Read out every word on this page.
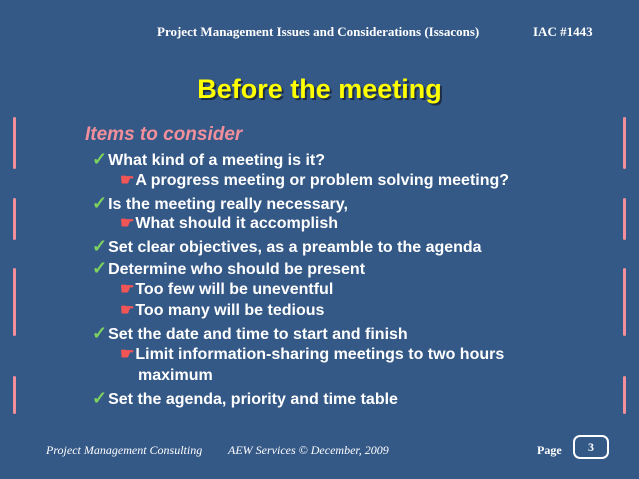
Project Management Issues and Considerations (Issacons)	IAC #1443
Before the meeting
Items to consider
✓What kind of a meeting is it?
☛A progress meeting or problem solving meeting?
✓Is the meeting really necessary,
☛What should it accomplish
✓Set clear objectives, as a preamble to the agenda
✓Determine who should be present
☛Too few will be uneventful
☛Too many will be tedious
✓Set the date and time to start and finish
☛Limit information-sharing meetings to two hours
maximum
✓Set the agenda, priority and time table
Project Management Consulting AEW Services © December, 2009	Page	3
